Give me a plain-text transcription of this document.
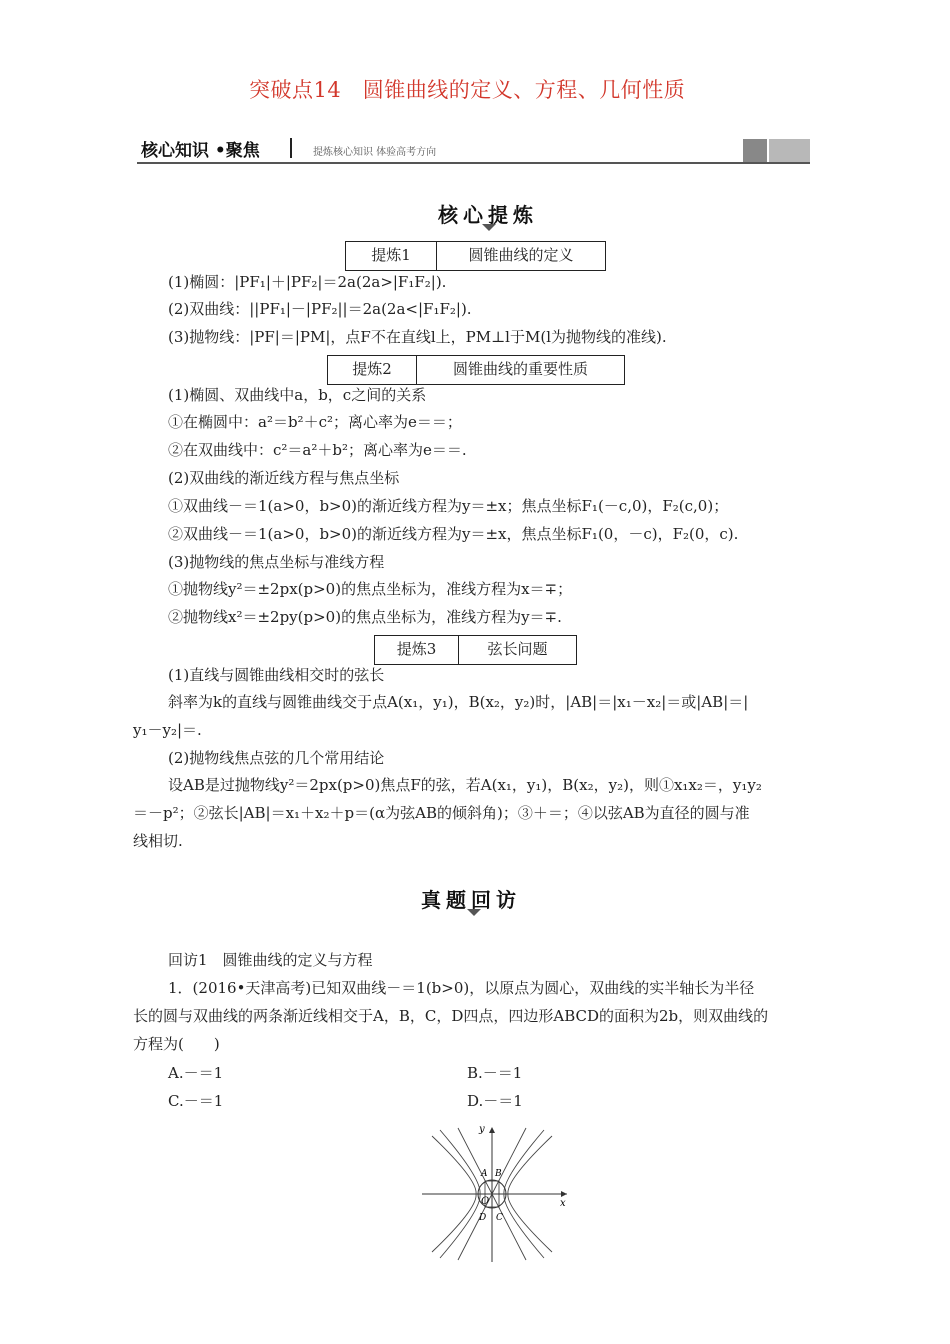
突破点14　圆锥曲线的定义、方程、几何性质
核心知识 •聚焦	提炼核心知识 体验高考方向
核心提炼
提炼1	圆锥曲线的定义
(1)椭圆：|PF₁|＋|PF₂|＝2a(2a>|F₁F₂|).
(2)双曲线：||PF₁|－|PF₂||＝2a(2a<|F₁F₂|).
(3)抛物线：|PF|＝|PM|，点F不在直线l上，PM⊥l于M(l为抛物线的准线).
提炼2	圆锥曲线的重要性质
(1)椭圆、双曲线中a，b，c之间的关系
①在椭圆中：a²＝b²＋c²；离心率为e＝＝；
②在双曲线中：c²＝a²＋b²；离心率为e＝＝.
(2)双曲线的渐近线方程与焦点坐标
①双曲线－＝1(a>0，b>0)的渐近线方程为y＝±x；焦点坐标F₁(－c,0)，F₂(c,0)；
②双曲线－＝1(a>0，b>0)的渐近线方程为y＝±x，焦点坐标F₁(0，－c)，F₂(0，c).
(3)抛物线的焦点坐标与准线方程
①抛物线y²＝±2px(p>0)的焦点坐标为，准线方程为x＝∓；
②抛物线x²＝±2py(p>0)的焦点坐标为，准线方程为y＝∓.
提炼3	弦长问题
(1)直线与圆锥曲线相交时的弦长
斜率为k的直线与圆锥曲线交于点A(x₁，y₁)，B(x₂，y₂)时，|AB|＝|x₁－x₂|＝或|AB|＝|
y₁－y₂|＝.
(2)抛物线焦点弦的几个常用结论
设AB是过抛物线y²＝2px(p>0)焦点F的弦，若A(x₁，y₁)，B(x₂，y₂)，则①x₁x₂＝，y₁y₂
＝－p²；②弦长|AB|＝x₁＋x₂＋p＝(α为弦AB的倾斜角)；③＋＝；④以弦AB为直径的圆与准
线相切.
真题回访
回访1　圆锥曲线的定义与方程
1．(2016•天津高考)已知双曲线－＝1(b>0)，以原点为圆心，双曲线的实半轴长为半径
长的圆与双曲线的两条渐近线相交于A，B，C，D四点，四边形ABCD的面积为2b，则双曲线的
方程为(　　)
A.－＝1	B.－＝1
C.－＝1	D.－＝1
y
x
A B
O
D C
